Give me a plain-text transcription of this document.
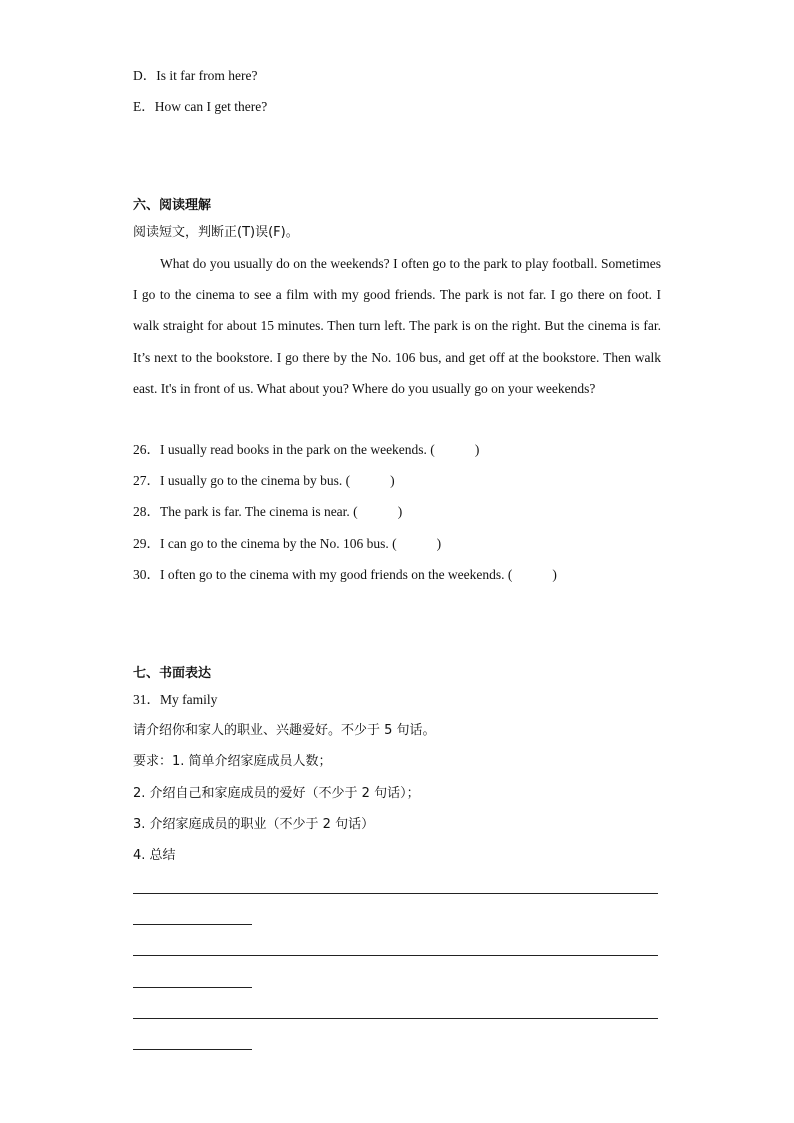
D．Is it far from here?
E．How can I get there?
六、阅读理解
阅读短文，判断正(T)误(F)。

What do you usually do on the weekends? I often go to the park to play football. Sometimes I go to the cinema to see a film with my good friends. The park is not far. I go there on foot. I walk straight for about 15 minutes. Then turn left. The park is on the right. But the cinema is far. It’s next to the bookstore. I go there by the No. 106 bus, and get off at the bookstore. Then walk east. It's in front of us. What about you? Where do you usually go on your weekends?

26．I usually read books in the park on the weekends. (	)
27．I usually go to the cinema by bus. (	)
28．The park is far. The cinema is near. (	)
29．I can go to the cinema by the No. 106 bus. (	)
30．I often go to the cinema with my good friends on the weekends. (	)
七、书面表达
31．My family
请介绍你和家人的职业、兴趣爱好。不少于 5 句话。
要求：1. 简单介绍家庭成员人数；
2. 介绍自己和家庭成员的爱好（不少于 2 句话）；
3. 介绍家庭成员的职业（不少于 2 句话）
4. 总结
